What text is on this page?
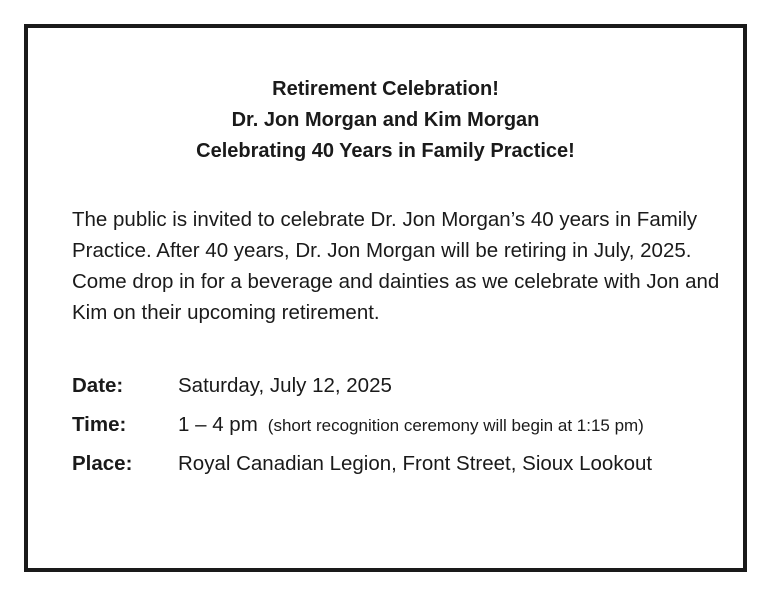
Retirement Celebration!
Dr. Jon Morgan and Kim Morgan
Celebrating 40 Years in Family Practice!
The public is invited to celebrate Dr. Jon Morgan’s 40 years in Family Practice. After 40 years, Dr. Jon Morgan will be retiring in July, 2025. Come drop in for a beverage and dainties as we celebrate with Jon and Kim on their upcoming retirement.
Date:	Saturday, July 12, 2025
Time:	1 – 4 pm (short recognition ceremony will begin at 1:15 pm)
Place:	Royal Canadian Legion, Front Street, Sioux Lookout
